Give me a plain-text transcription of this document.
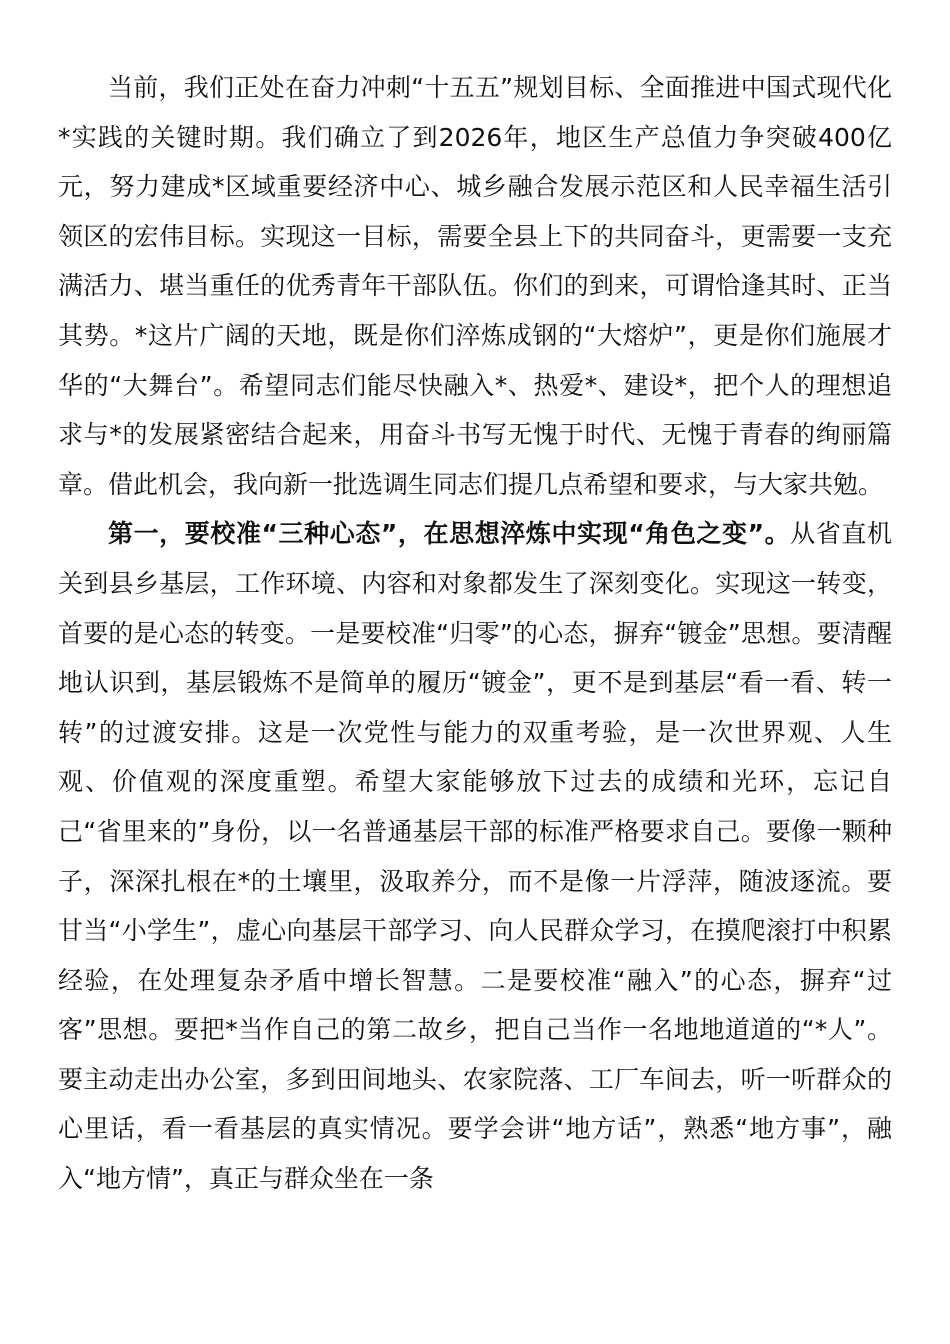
当前，我们正处在奋力冲刺“十五五”规划目标、全面推进中国式现代化*实践的关键时期。我们确立了到2026年，地区生产总值力争突破400亿元，努力建成*区域重要经济中心、城乡融合发展示范区和人民幸福生活引领区的宏伟目标。实现这一目标，需要全县上下的共同奋斗，更需要一支充满活力、堪当重任的优秀青年干部队伍。你们的到来，可谓恰逢其时、正当其势。*这片广阔的天地，既是你们淬炼成钢的“大熔炉”，更是你们施展才华的“大舞台”。希望同志们能尽快融入*、热爱*、建设*，把个人的理想追求与*的发展紧密结合起来，用奋斗书写无愧于时代、无愧于青春的绚丽篇章。借此机会，我向新一批选调生同志们提几点希望和要求，与大家共勉。

第一，要校准“三种心态”，在思想淬炼中实现“角色之变”。从省直机关到县乡基层，工作环境、内容和对象都发生了深刻变化。实现这一转变，首要的是心态的转变。一是要校准“归零”的心态，摒弃“镀金”思想。要清醒地认识到，基层锻炼不是简单的履历“镀金”，更不是到基层“看一看、转一转”的过渡安排。这是一次党性与能力的双重考验，是一次世界观、人生观、价值观的深度重塑。希望大家能够放下过去的成绩和光环，忘记自己“省里来的”身份，以一名普通基层干部的标准严格要求自己。要像一颗种子，深深扎根在*的土壤里，汲取养分，而不是像一片浮萍，随波逐流。要甘当“小学生”，虚心向基层干部学习、向人民群众学习，在摸爬滚打中积累经验，在处理复杂矛盾中增长智慧。二是要校准“融入”的心态，摒弃“过客”思想。要把*当作自己的第二故乡，把自己当作一名地地道道的“*人”。要主动走出办公室，多到田间地头、农家院落、工厂车间去，听一听群众的心里话，看一看基层的真实情况。要学会讲“地方话”，熟悉“地方事”，融入“地方情”，真正与群众坐在一条
